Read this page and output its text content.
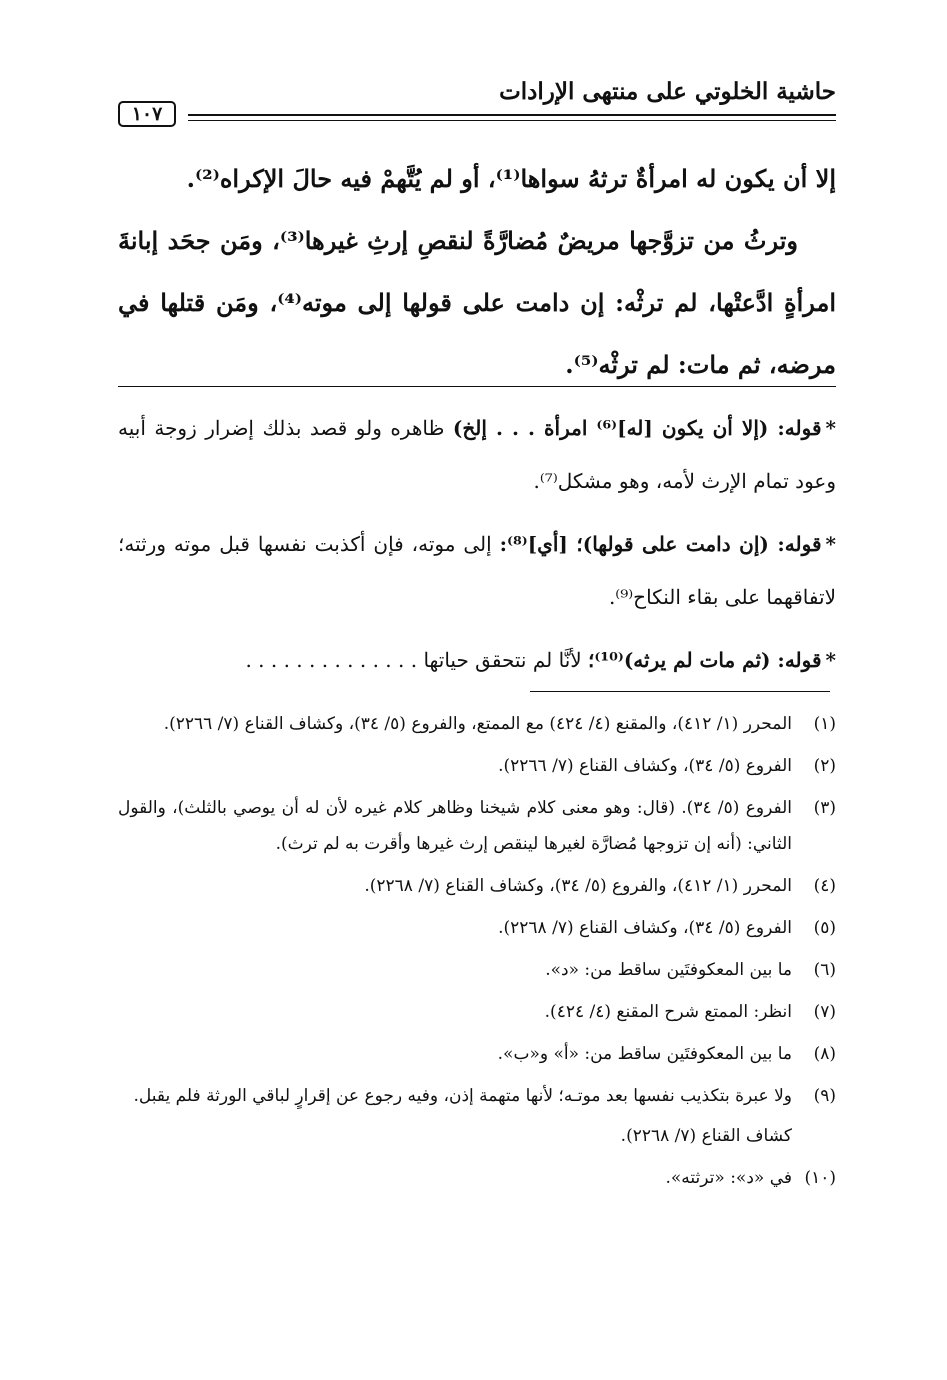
حاشية الخلوتي على منتهى الإرادات
١٠٧

إلا أن يكون له امرأةٌ ترثهُ سواها⁽¹⁾، أو لم يُتَّهمْ فيه حالَ الإكراه⁽²⁾.

وترثُ من تزوَّجها مريضٌ مُضارَّةً لنقصِ إرثِ غيرها⁽³⁾، ومَن جحَد إبانةَ امرأةٍ ادَّعتْها، لم ترثْه: إن دامت على قولها إلى موته⁽⁴⁾، ومَن قتلها في مرضه، ثم مات: لم ترثْه⁽⁵⁾.

*قوله: (إلا أن يكون [له]⁽⁶⁾ امرأة . . . إلخ) ظاهره ولو قصد بذلك إضرار زوجة أبيه وعود تمام الإرث لأمه، وهو مشكل⁽⁷⁾.

*قوله: (إن دامت على قولها)؛ [أي]⁽⁸⁾: إلى موته، فإن أكذبت نفسها قبل موته ورثته؛ لاتفاقهما على بقاء النكاح⁽⁹⁾.

*قوله: (ثم مات لم يرثه)⁽¹⁰⁾؛ لأنَّا لم نتحقق حياتها . . . . . . . . . . . . . .

(١)
المحرر (١/ ٤١٢)، والمقنع (٤/ ٤٢٤) مع الممتع، والفروع (٥/ ٣٤)، وكشاف القناع (٧/ ٢٢٦٦).
(٢)
الفروع (٥/ ٣٤)، وكشاف القناع (٧/ ٢٢٦٦).
(٣)
الفروع (٥/ ٣٤). (قال: وهو معنى كلام شيخنا وظاهر كلام غيره لأن له أن يوصي بالثلث)، والقول الثاني: (أنه إن تزوجها مُضارَّة لغيرها لينقص إرث غيرها وأقرت به لم ترث).
(٤)
المحرر (١/ ٤١٢)، والفروع (٥/ ٣٤)، وكشاف القناع (٧/ ٢٢٦٨).
(٥)
الفروع (٥/ ٣٤)، وكشاف القناع (٧/ ٢٢٦٨).
(٦)
ما بين المعكوفتَين ساقط من: «د».
(٧)
انظر: الممتع شرح المقنع (٤/ ٤٢٤).
(٨)
ما بين المعكوفتَين ساقط من: «أ» و«ب».
(٩)
ولا عبرة بتكذيب نفسها بعد موتـه؛ لأنها متهمة إذن، وفيه رجوع عن إقرارٍ لباقي الورثة فلم يقبل.
كشاف القناع (٧/ ٢٢٦٨).
(١٠)
في «د»: «ترثته».
